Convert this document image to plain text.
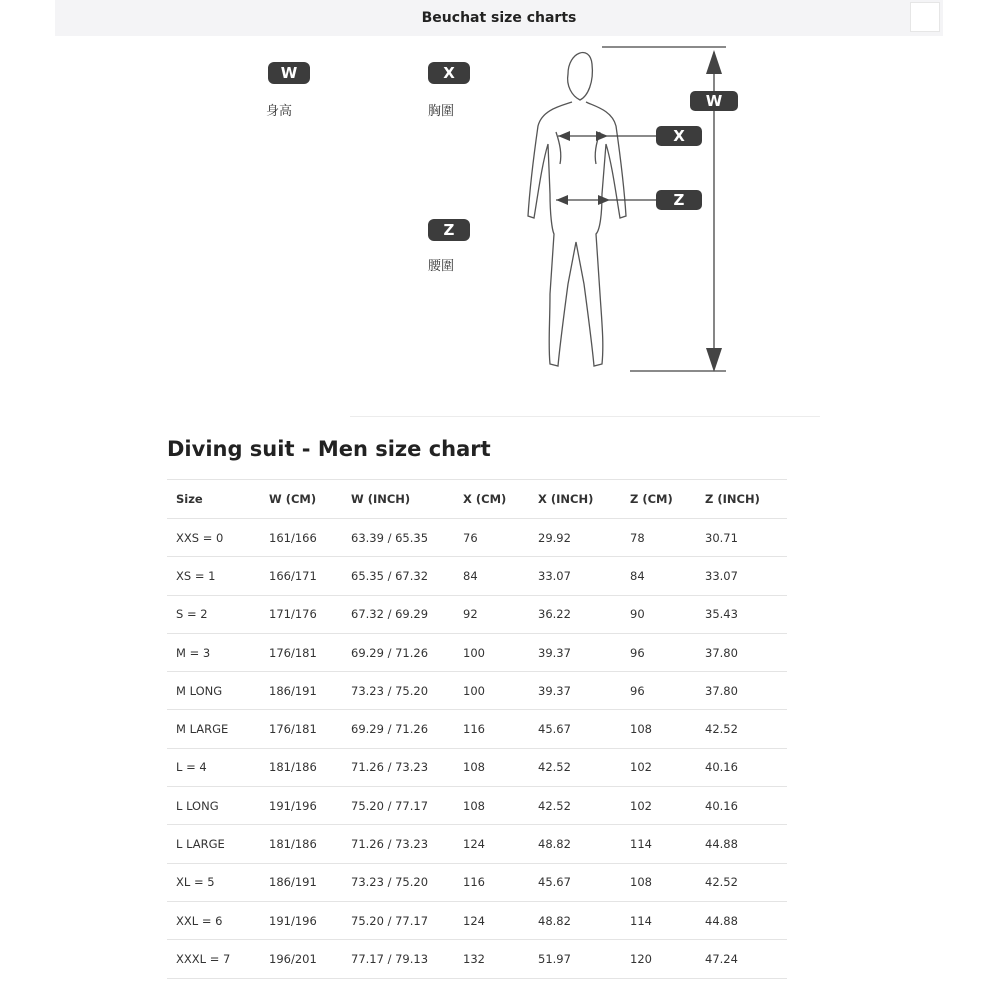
Beuchat size charts
W
身高
X
胸圍
Z
腰圍
W
X
Z
Diving suit - Men size chart
Size	W (CM)	W (INCH)	X (CM)	X (INCH)	Z (CM)	Z (INCH)
XXS = 0	161/166	63.39 / 65.35	76	29.92	78	30.71
XS = 1	166/171	65.35 / 67.32	84	33.07	84	33.07
S = 2	171/176	67.32 / 69.29	92	36.22	90	35.43
M = 3	176/181	69.29 / 71.26	100	39.37	96	37.80
M LONG	186/191	73.23 / 75.20	100	39.37	96	37.80
M LARGE	176/181	69.29 / 71.26	116	45.67	108	42.52
L = 4	181/186	71.26 / 73.23	108	42.52	102	40.16
L LONG	191/196	75.20 / 77.17	108	42.52	102	40.16
L LARGE	181/186	71.26 / 73.23	124	48.82	114	44.88
XL = 5	186/191	73.23 / 75.20	116	45.67	108	42.52
XXL = 6	191/196	75.20 / 77.17	124	48.82	114	44.88
XXXL = 7	196/201	77.17 / 79.13	132	51.97	120	47.24
